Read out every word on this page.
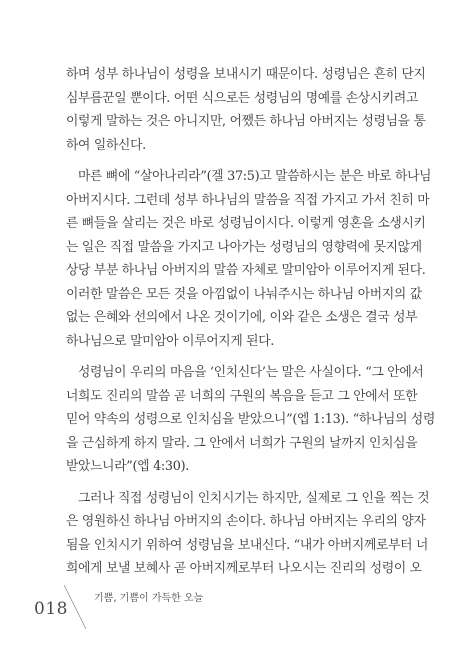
하며 성부 하나님이 성령을 보내시기 때문이다. 성령님은 흔히 단지
심부름꾼일 뿐이다. 어떤 식으로든 성령님의 명예를 손상시키려고
이렇게 말하는 것은 아니지만, 어쨌든 하나님 아버지는 성령님을 통
하여 일하신다.
마른 뼈에 “살아나리라”(겔 37:5)고 말씀하시는 분은 바로 하나님
아버지시다. 그런데 성부 하나님의 말씀을 직접 가지고 가서 친히 마
른 뼈들을 살리는 것은 바로 성령님이시다. 이렇게 영혼을 소생시키
는 일은 직접 말씀을 가지고 나아가는 성령님의 영향력에 못지않게
상당 부분 하나님 아버지의 말씀 자체로 말미암아 이루어지게 된다.
이러한 말씀은 모든 것을 아낌없이 나눠주시는 하나님 아버지의 값
없는 은혜와 선의에서 나온 것이기에, 이와 같은 소생은 결국 성부
하나님으로 말미암아 이루어지게 된다.
성령님이 우리의 마음을 ‘인치신다’는 말은 사실이다. “그 안에서
너희도 진리의 말씀 곧 너희의 구원의 복음을 듣고 그 안에서 또한
믿어 약속의 성령으로 인치심을 받았으니”(엡 1:13). “하나님의 성령
을 근심하게 하지 말라. 그 안에서 너희가 구원의 날까지 인치심을
받았느니라”(엡 4:30).
그러나 직접 성령님이 인치시기는 하지만, 실제로 그 인을 찍는 것
은 영원하신 하나님 아버지의 손이다. 하나님 아버지는 우리의 양자
됨을 인치시기 위하여 성령님을 보내신다. “내가 아버지께로부터 너
희에게 보낼 보혜사 곧 아버지께로부터 나오시는 진리의 성령이 오
018
기쁨, 기쁨이 가득한 오늘
